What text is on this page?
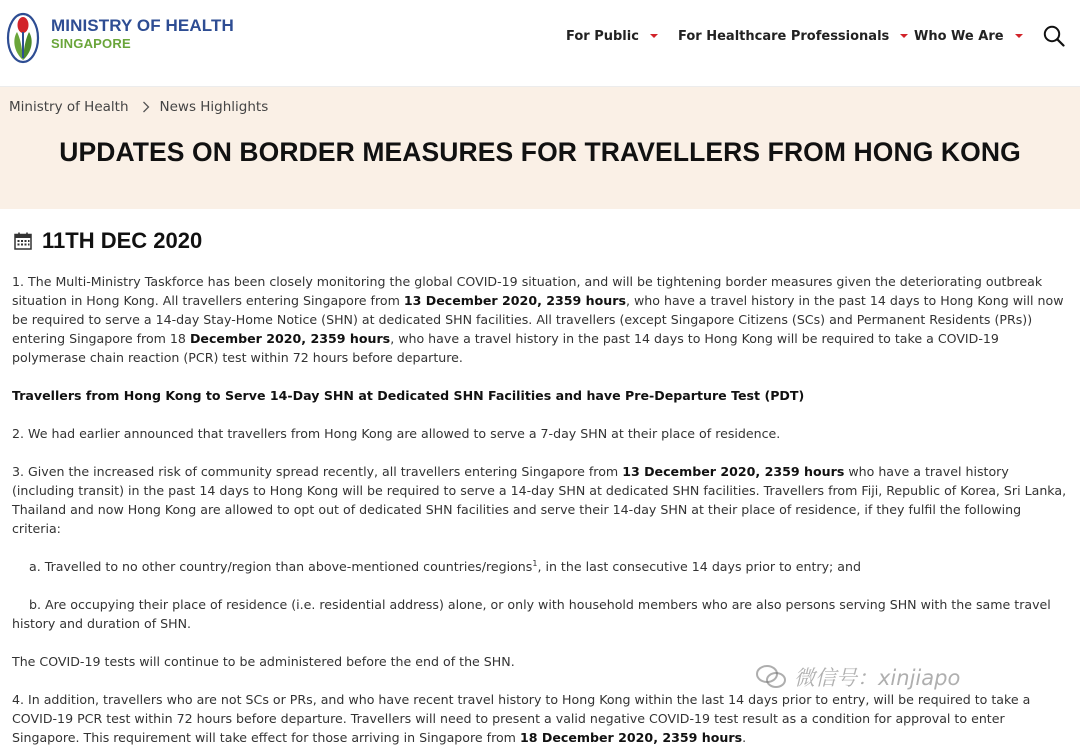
MINISTRY OF HEALTH
SINGAPORE	For Public	For Healthcare Professionals Who We Are
Ministry of Health News Highlights
UPDATES ON BORDER MEASURES FOR TRAVELLERS FROM HONG KONG
11TH DEC 2020

1. The Multi-Ministry Taskforce has been closely monitoring the global COVID-19 situation, and will be tightening border measures given the deteriorating outbreak situation in Hong Kong. All travellers entering Singapore from 13 December 2020, 2359 hours, who have a travel history in the past 14 days to Hong Kong will now be required to serve a 14-day Stay-Home Notice (SHN) at dedicated SHN facilities. All travellers (except Singapore Citizens (SCs) and Permanent Residents (PRs)) entering Singapore from 18 December 2020, 2359 hours, who have a travel history in the past 14 days to Hong Kong will be required to take a COVID-19 polymerase chain reaction (PCR) test within 72 hours before departure.

Travellers from Hong Kong to Serve 14-Day SHN at Dedicated SHN Facilities and have Pre-Departure Test (PDT)

2. We had earlier announced that travellers from Hong Kong are allowed to serve a 7-day SHN at their place of residence.

3. Given the increased risk of community spread recently, all travellers entering Singapore from 13 December 2020, 2359 hours who have a travel history (including transit) in the past 14 days to Hong Kong will be required to serve a 14-day SHN at dedicated SHN facilities. Travellers from Fiji, Republic of Korea, Sri Lanka, Thailand and now Hong Kong are allowed to opt out of dedicated SHN facilities and serve their 14-day SHN at their place of residence, if they fulfil the following criteria:

a. Travelled to no other country/region than above-mentioned countries/regions$^1$, in the last consecutive 14 days prior to entry; and

b. Are occupying their place of residence (i.e. residential address) alone, or only with household members who are also persons serving SHN with the same travel history and duration of SHN.

The COVID-19 tests will continue to be administered before the end of the SHN.

4. In addition, travellers who are not SCs or PRs, and who have recent travel history to Hong Kong within the last 14 days prior to entry, will be required to take a COVID-19 PCR test within 72 hours before departure. Travellers will need to present a valid negative COVID-19 test result as a condition for approval to enter Singapore. This requirement will take effect for those arriving in Singapore from 18 December 2020, 2359 hours.

微信号：xinjiapo
